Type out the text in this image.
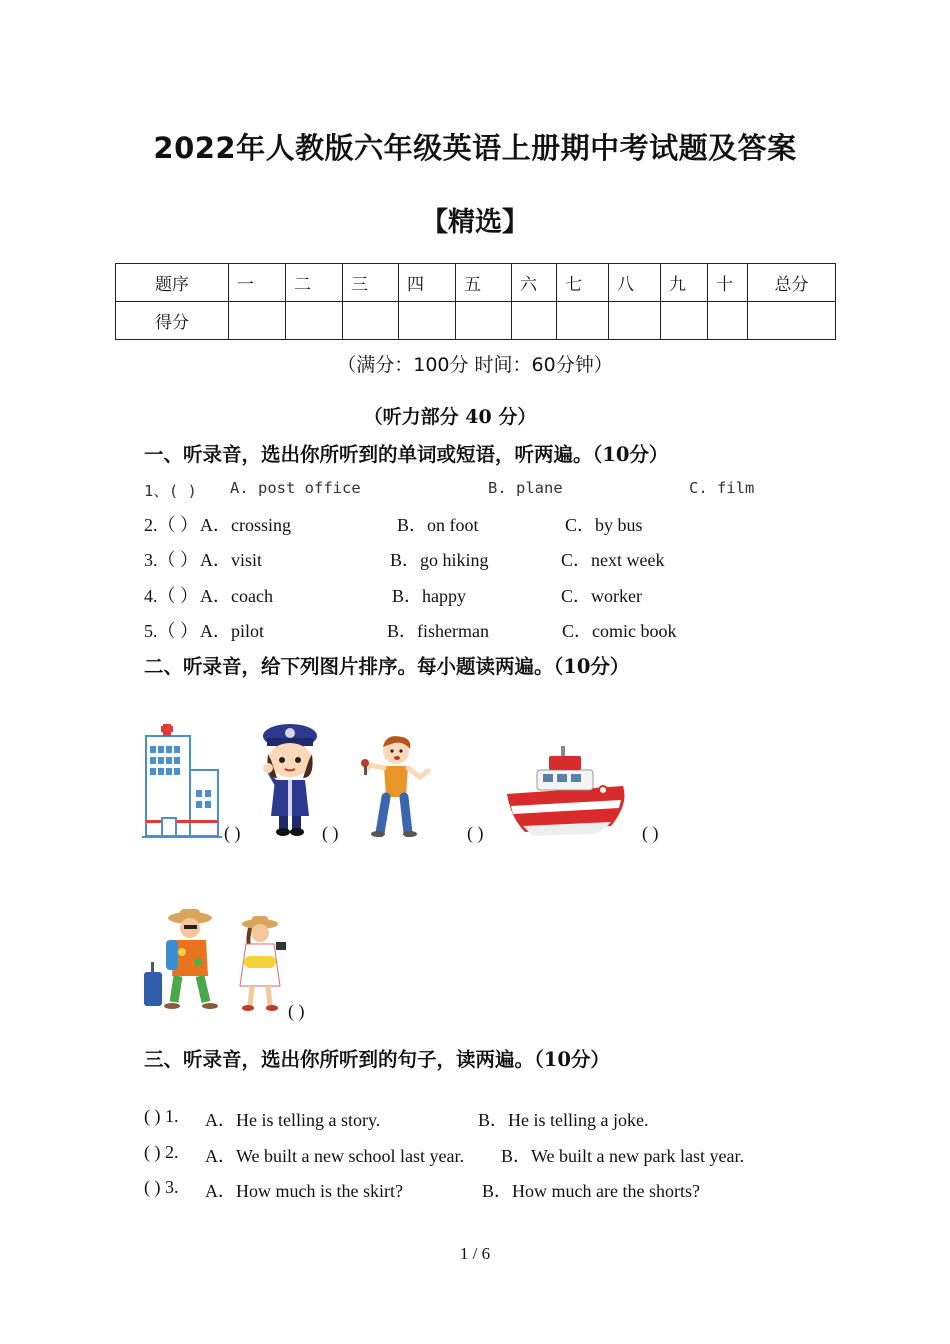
2022年人教版六年级英语上册期中考试题及答案
【精选】
题序	一	二	三	四	五	六	七	八	九	十	总分
得分											
（满分：100分 时间：60分钟）
（听力部分 40 分）
一、听录音，选出你所听到的单词或短语，听两遍。（10分）
1、( ) A. post office	B. plane	C. film
2.（ ） A．crossing	B．on foot	C．by bus
3.（ ） A．visit	B．go hiking	C．next week
4.（ ） A．coach	B．happy	C．worker
5.（ ） A．pilot	B．fisherman	C．comic book
二、听录音，给下列图片排序。每小题读两遍。（10分）
( )	( )	( )	( )
( )
三、听录音，选出你所听到的句子，读两遍。（10分）
( ) 1. A．He is telling a story.	B．He is telling a joke.
( ) 2. A．We built a new school last year. B．We built a new park last year.
( ) 3. A．How much is the skirt?	B．How much are the shorts?
1 / 6
